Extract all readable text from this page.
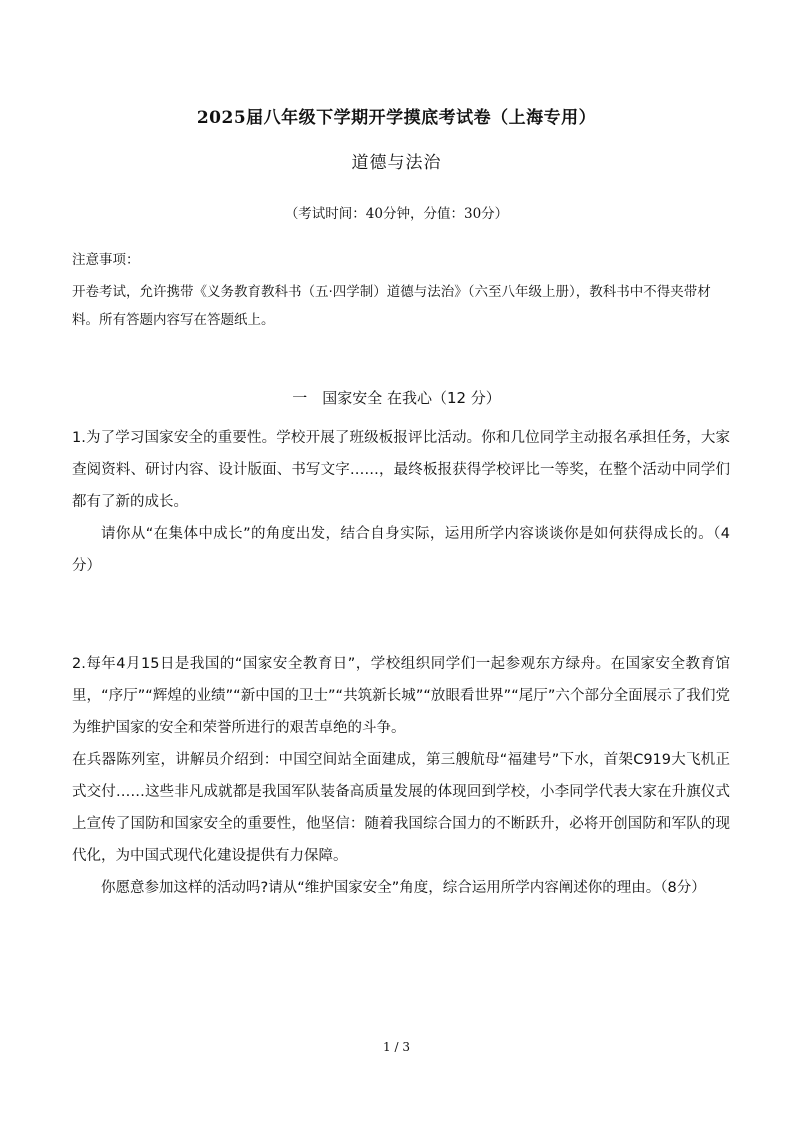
2025届八年级下学期开学摸底考试卷（上海专用）
道德与法治
（考试时间：40分钟，分值：30分）
注意事项：
开卷考试，允许携带《义务教育教科书（五·四学制）道德与法治》（六至八年级上册），教科书中不得夹带材料。所有答题内容写在答题纸上。
一　国家安全 在我心（12 分）

1.为了学习国家安全的重要性。学校开展了班级板报评比活动。你和几位同学主动报名承担任务，大家查阅资料、研讨内容、设计版面、书写文字……，最终板报获得学校评比一等奖，在整个活动中同学们都有了新的成长。

请你从“在集体中成长”的角度出发，结合自身实际，运用所学内容谈谈你是如何获得成长的。（4分）

2.每年4月15日是我国的“国家安全教育日”，学校组织同学们一起参观东方绿舟。在国家安全教育馆里，“序厅”“辉煌的业绩”“新中国的卫士”“共筑新长城”“放眼看世界”“尾厅”六个部分全面展示了我们党为维护国家的安全和荣誉所进行的艰苦卓绝的斗争。

在兵器陈列室，讲解员介绍到：中国空间站全面建成，第三艘航母“福建号”下水，首架C919大飞机正式交付……这些非凡成就都是我国军队装备高质量发展的体现回到学校，小李同学代表大家在升旗仪式上宣传了国防和国家安全的重要性，他坚信：随着我国综合国力的不断跃升，必将开创国防和军队的现代化，为中国式现代化建设提供有力保障。

你愿意参加这样的活动吗?请从“维护国家安全”角度，综合运用所学内容阐述你的理由。（8分）

1 / 3
